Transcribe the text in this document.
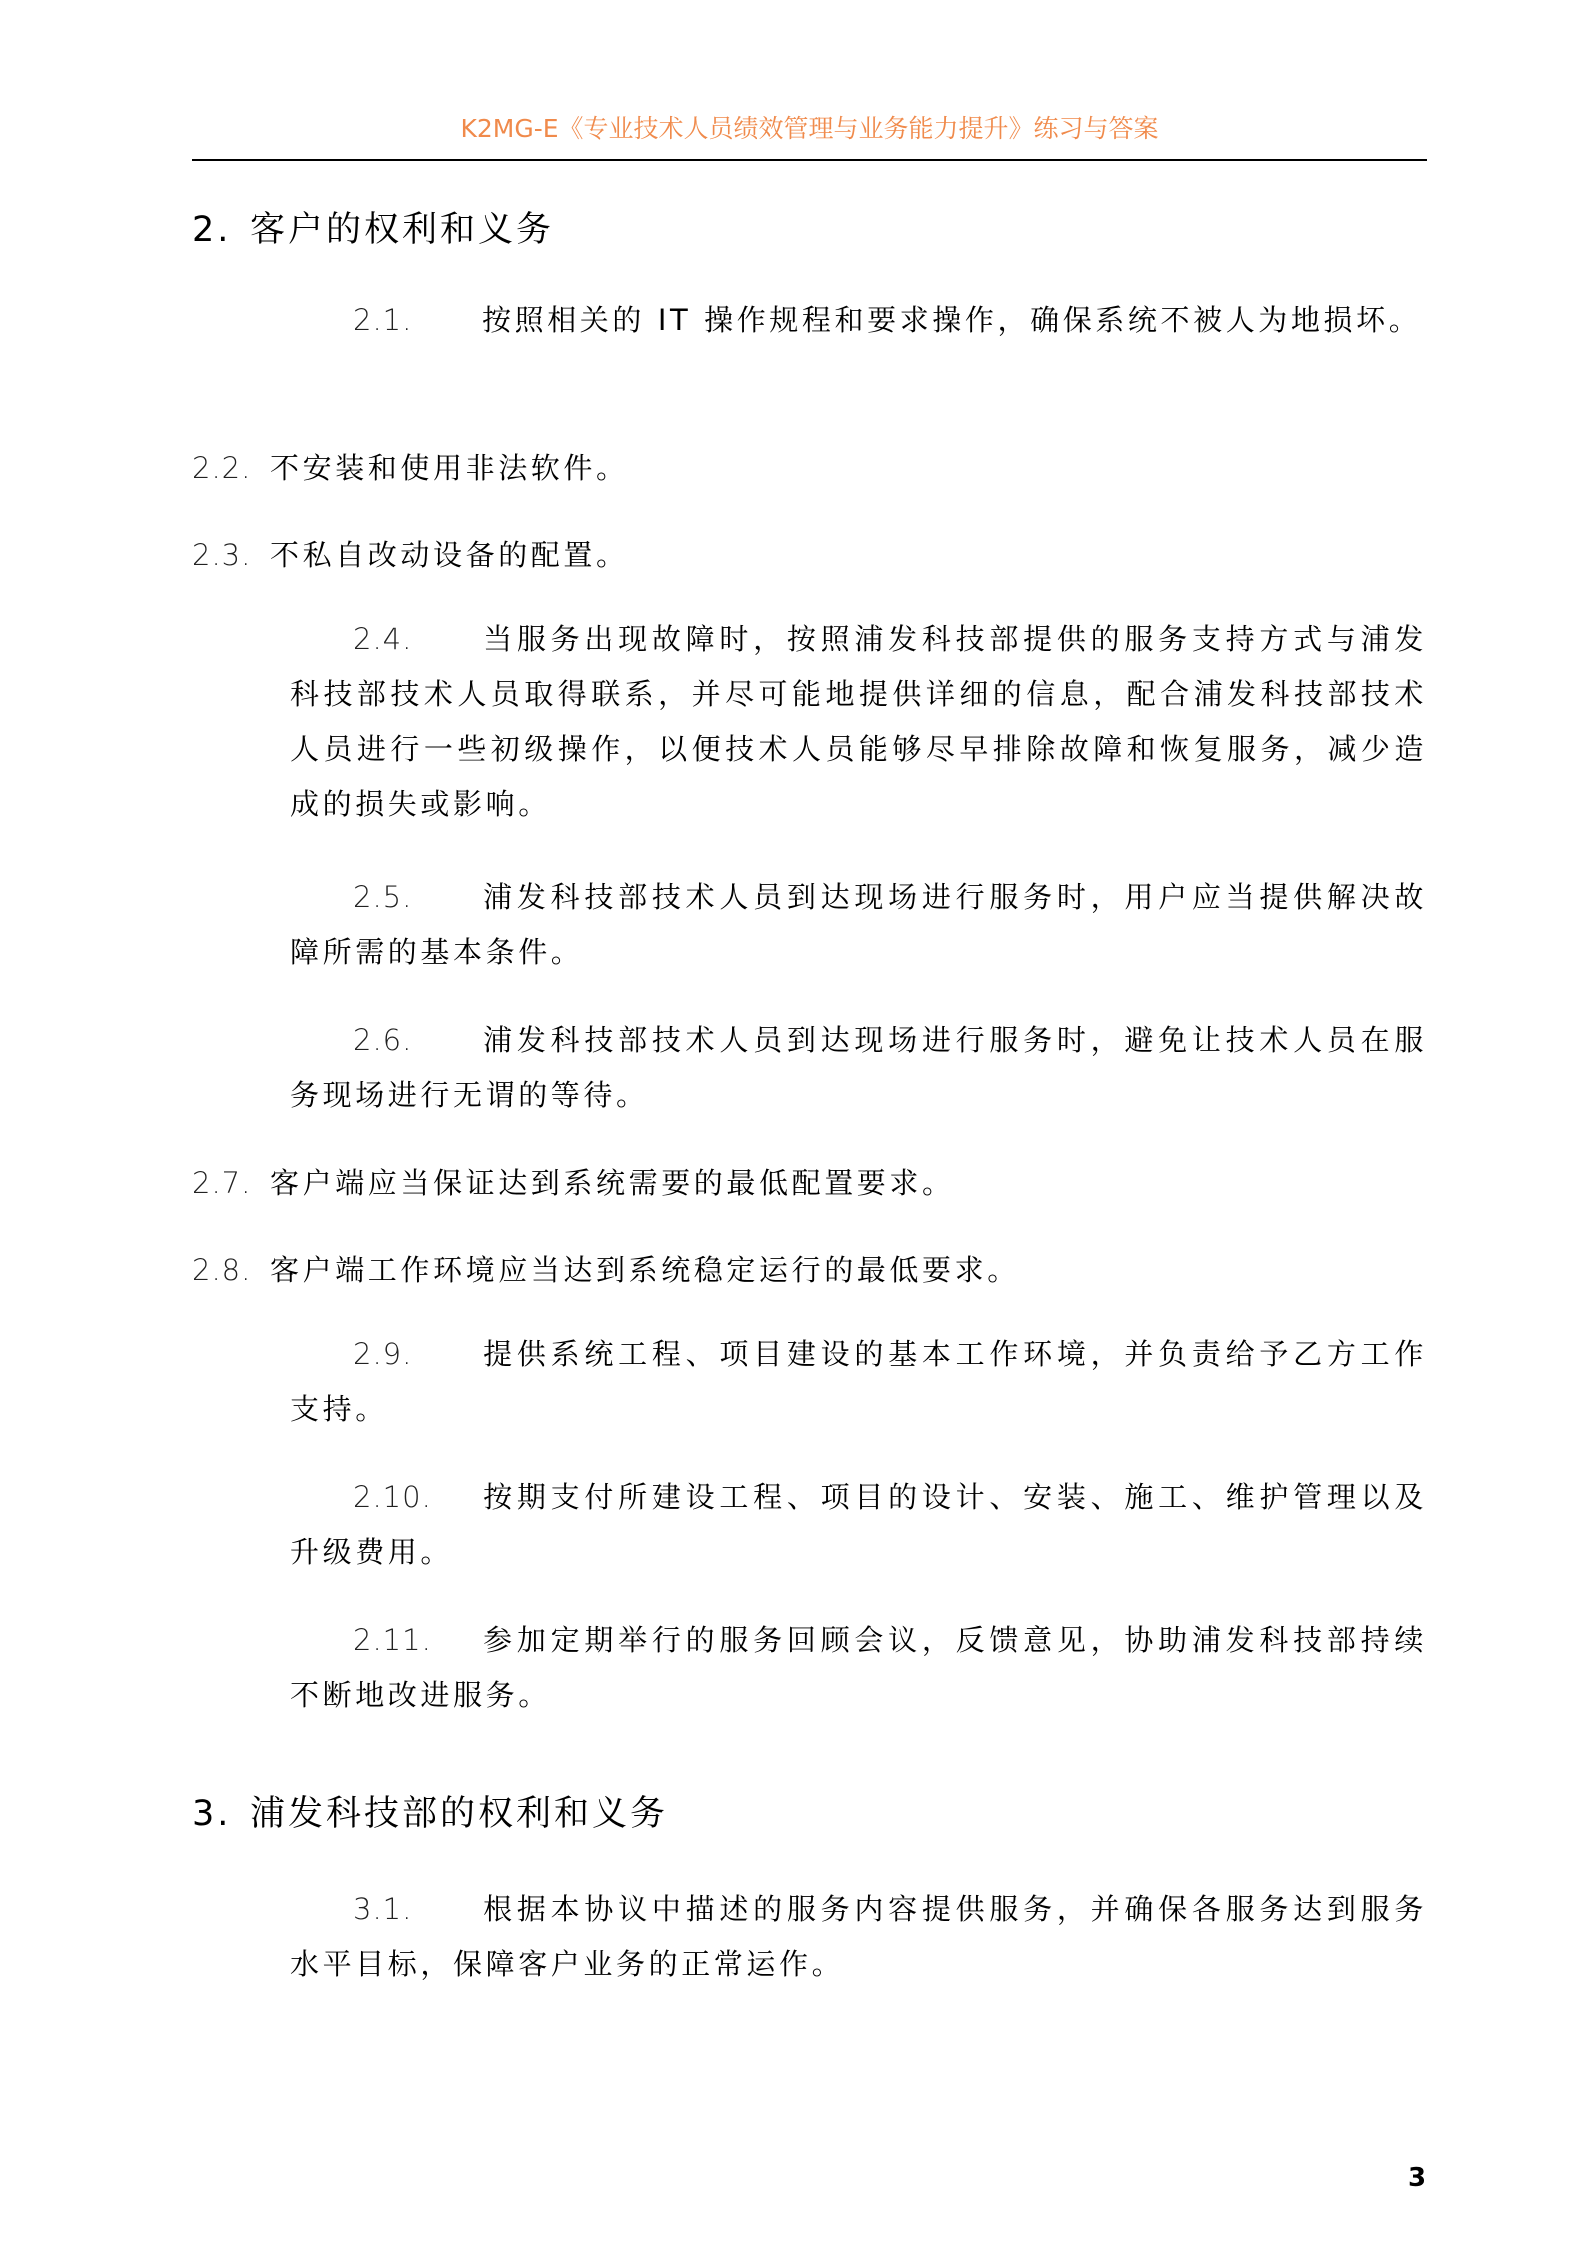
K2MG-E《专业技术人员绩效管理与业务能力提升》练习与答案
2. 客户的权利和义务
2.1. 按照相关的 IT 操作规程和要求操作，确保系统不被人为地损坏。
2.2. 不安装和使用非法软件。
2.3. 不私自改动设备的配置。
2.4. 当服务出现故障时，按照浦发科技部提供的服务支持方式与浦发科技部技术人员取得联系，并尽可能地提供详细的信息，配合浦发科技部技术人员进行一些初级操作，以便技术人员能够尽早排除故障和恢复服务，减少造成的损失或影响。
2.5. 浦发科技部技术人员到达现场进行服务时，用户应当提供解决故障所需的基本条件。
2.6. 浦发科技部技术人员到达现场进行服务时，避免让技术人员在服务现场进行无谓的等待。
2.7. 客户端应当保证达到系统需要的最低配置要求。
2.8. 客户端工作环境应当达到系统稳定运行的最低要求。
2.9. 提供系统工程、项目建设的基本工作环境，并负责给予乙方工作支持。
2.10. 按期支付所建设工程、项目的设计、安装、施工、维护管理以及升级费用。
2.11. 参加定期举行的服务回顾会议，反馈意见，协助浦发科技部持续不断地改进服务。
3. 浦发科技部的权利和义务
3.1. 根据本协议中描述的服务内容提供服务，并确保各服务达到服务水平目标，保障客户业务的正常运作。
3
